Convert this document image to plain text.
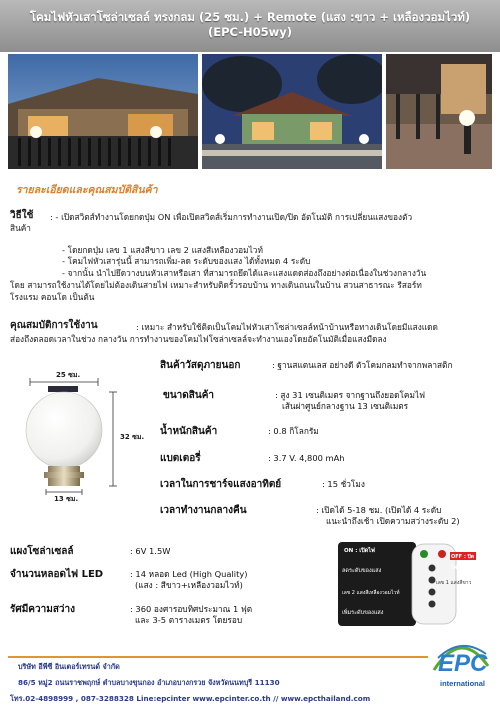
โคมไฟหัวเสาโซล่าเซลล์ ทรงกลม (25 ซม.) + Remote (แสง :ขาว + เหลืองวอมไวท์)
(EPC-H05wy)
รายละเอียดและคุณสมบัติสินค้า
วิธีใช้ : - เปิดสวิตส์ทำงานโดยกดปุ่ม ON เพื่อเปิดสวิตส์เริ่มการทำงานเปิด/ปิด อัตโนมัติ การเปลี่ยนแสงของตัว
สินค้า
- โดยกดปุ่ม เลข 1 แสงสีขาว เลข 2 แสงสีเหลืองวอมไวท์
- โคมไฟหัวเสารุ่นนี้ สามารถเพิ่ม-ลด ระดับของแสง ได้ทั้งหมด 4 ระดับ
- จากนั้น นำไปยึดวางบนหัวเสาหรือเสา ที่สามารถยึดได้และแสงแดดส่องถึงอย่างต่อเนื่องในช่วงกลางวัน
โดย สามารถใช้งานได้โดยไม่ต้องเดินสายไฟ เหมาะสำหรับติดรั้วรอบบ้าน ทางเดินถนนในบ้าน สวนสาธารณะ รีสอร์ท
โรงแรม คอนโด เป็นต้น
คุณสมบัติการใช้งาน	: เหมาะ สำหรับใช้ติดเป็นโคมไฟหัวเสาโซล่าเซลล์หน้าบ้านหรือทางเดินโดยมีแสงแดด
ส่องถึงตลอดเวลาในช่วง กลางวัน การทำงานของโคมไฟโซล่าเซลล์จะทำงานเองโดยอัตโนมัติเมื่อแสงมืดลง
25 ซม.
32 ซม.
13 ซม.
สินค้าวัสดุภายนอก	: ฐานสแตนเลส อย่างดี ตัวโคมกลมทำจากพลาสติก
ขนาดสินค้า	: สูง 31 เซนติเมตร จากฐานถึงยอดโคมไฟ
เส้นผ่าศูนย์กลางฐาน 13 เซนติเมตร
น้ำหนักสินค้า	: 0.8 กิโลกรัม
แบตเตอรี่	: 3.7 V. 4,800 mAh
เวลาในการชาร์จแสงอาทิตย์	: 15 ชั่วโมง
เวลาทำงานกลางคืน	: เปิดได้ 5-18 ชม. (เปิดได้ 4 ระดับ
แนะนำถึงเช้า เปิดความสว่างระดับ 2)
แผงโซล่าเซลล์	: 6V 1.5W
จำนวนหลอดไฟ LED	: 14 หลอด Led (High Quality)
(แสง : สีขาว+เหลืองวอมไวท์)
รัศมีความสว่าง	: 360 องศารอบทิศประมาณ 1 ฟุต
และ 3-5 ตารางเมตร โดยรอบ
ON : เปิดไฟ
OFF : ปิดไฟ
ลดระดับของแสง
เลข 1 แสงสีขาว
เลข 2 แสงสีเหลืองวอมไวท์
เพิ่มระดับของแสง
บริษัท อีพีซี อินเตอร์เทรนด์ จำกัด
86/5 หมู่2 ถนนราชพฤกษ์ ตำบลบางขุนกอง อำเภอบางกรวย จังหวัดนนทบุรี 11130
โทร.02-4898999 , 087-3288328 Line:epcinter www.epcinter.co.th // www.epcthailand.com
EPC
international
